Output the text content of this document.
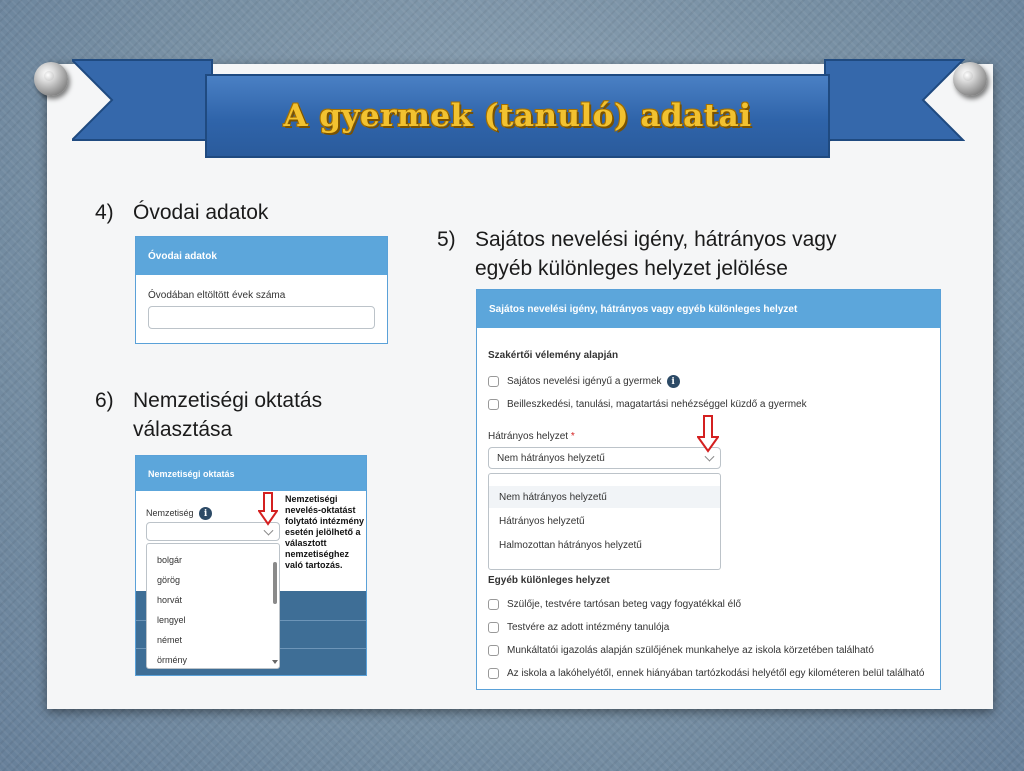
A gyermek (tanuló) adatai
4) Óvodai adatok
Óvodai adatok
Óvodában eltöltött évek száma
5) Sajátos nevelési igény, hátrányos vagy
egyéb különleges helyzet jelölése
Sajátos nevelési igény, hátrányos vagy egyéb különleges helyzet
Szakértői vélemény alapján
Sajátos nevelési igényű a gyermek	i
Beilleszkedési, tanulási, magatartási nehézséggel küzdő a gyermek
Hátrányos helyzet *
Nem hátrányos helyzetű
Nem hátrányos helyzetű
Hátrányos helyzetű
Halmozottan hátrányos helyzetű
Egyéb különleges helyzet
Szülője, testvére tartósan beteg vagy fogyatékkal élő
Testvére az adott intézmény tanulója
Munkáltatói igazolás alapján szülőjének munkahelye az iskola körzetében található
Az iskola a lakóhelyétől, ennek hiányában tartózkodási helyétől egy kilométeren belül található
6) Nemzetiségi oktatás
választása
Nemzetiségi oktatás
Nemzetiség i
Nemzetiségi nevelés-oktatást folytató intézmény esetén jelölhető a választott nemzetiséghez való tartozás.
bolgár
görög
horvát
lengyel
német
örmény
